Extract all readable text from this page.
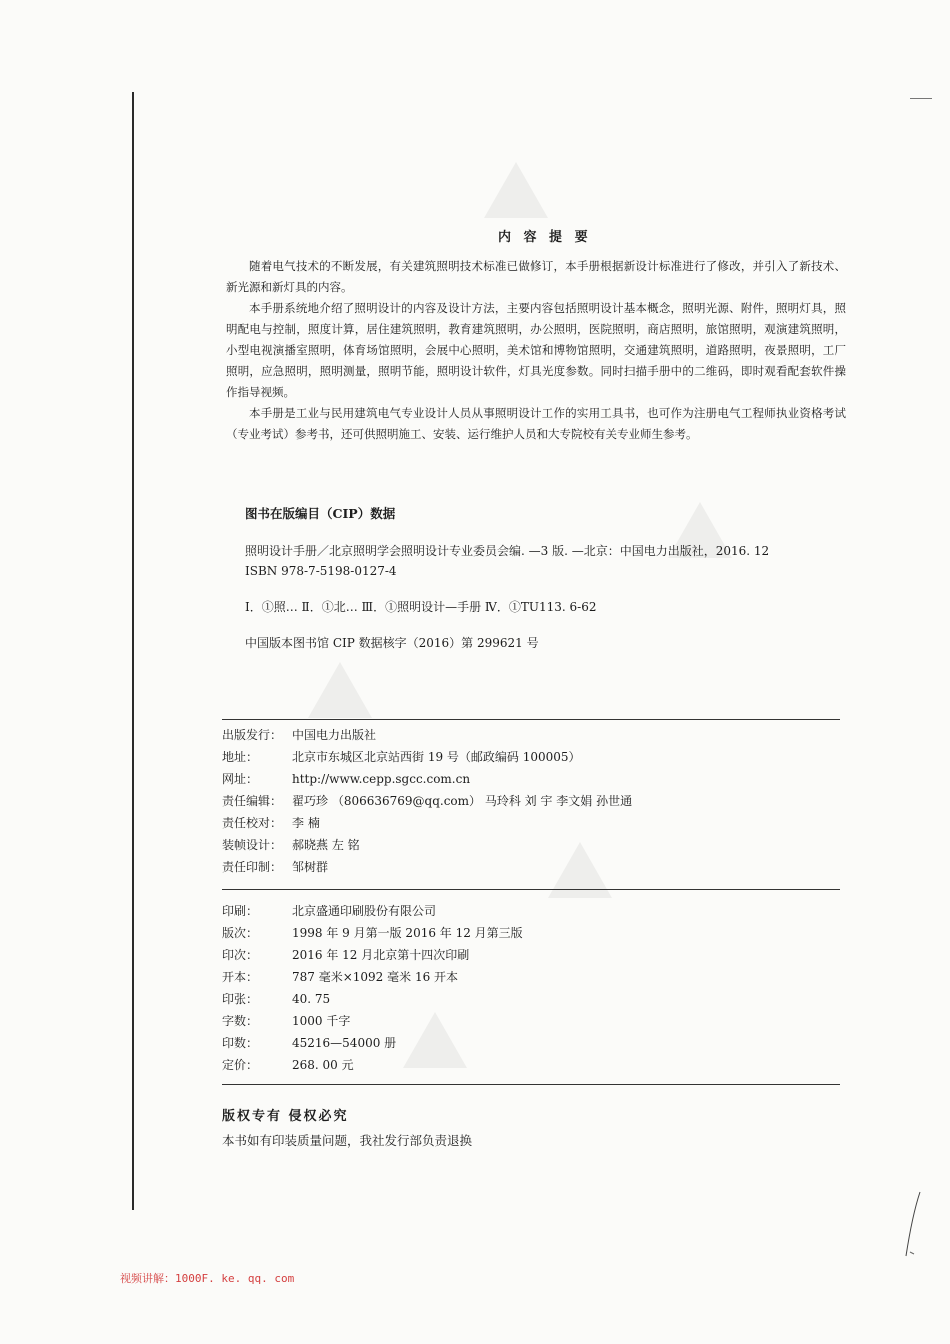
内 容 提 要

随着电气技术的不断发展，有关建筑照明技术标准已做修订，本手册根据新设计标准进行了修改，并引入了新技术、新光源和新灯具的内容。

本手册系统地介绍了照明设计的内容及设计方法，主要内容包括照明设计基本概念，照明光源、附件，照明灯具，照明配电与控制，照度计算，居住建筑照明，教育建筑照明，办公照明，医院照明，商店照明，旅馆照明，观演建筑照明，小型电视演播室照明，体育场馆照明，会展中心照明，美术馆和博物馆照明，交通建筑照明，道路照明，夜景照明，工厂照明，应急照明，照明测量，照明节能，照明设计软件，灯具光度参数。同时扫描手册中的二维码，即时观看配套软件操作指导视频。

本手册是工业与民用建筑电气专业设计人员从事照明设计工作的实用工具书，也可作为注册电气工程师执业资格考试（专业考试）参考书，还可供照明施工、安装、运行维护人员和大专院校有关专业师生参考。

图书在版编目（CIP）数据
照明设计手册／北京照明学会照明设计专业委员会编. —3 版. —北京：中国电力出版社，2016. 12
ISBN 978-7-5198-0127-4
Ⅰ．①照… Ⅱ．①北… Ⅲ．①照明设计—手册 Ⅳ．①TU113. 6-62
中国版本图书馆 CIP 数据核字（2016）第 299621 号
出版发行： 中国电力出版社
地址：	北京市东城区北京站西街 19 号（邮政编码 100005）
网址：	http://www.cepp.sgcc.com.cn
责任编辑： 翟巧珍 （806636769@qq.com） 马玲科 刘 宇 李文娟 孙世通
责任校对： 李 楠
装帧设计： 郝晓燕 左 铭
责任印制： 邹树群
印刷：	北京盛通印刷股份有限公司
版次：	1998 年 9 月第一版 2016 年 12 月第三版
印次：	2016 年 12 月北京第十四次印刷
开本：	787 毫米×1092 毫米 16 开本
印张：	40. 75
字数：	1000 千字
印数：	45216—54000 册
定价：	268. 00 元
版权专有 侵权必究
本书如有印装质量问题，我社发行部负责退换
视频讲解：1000F. ke. qq. com
